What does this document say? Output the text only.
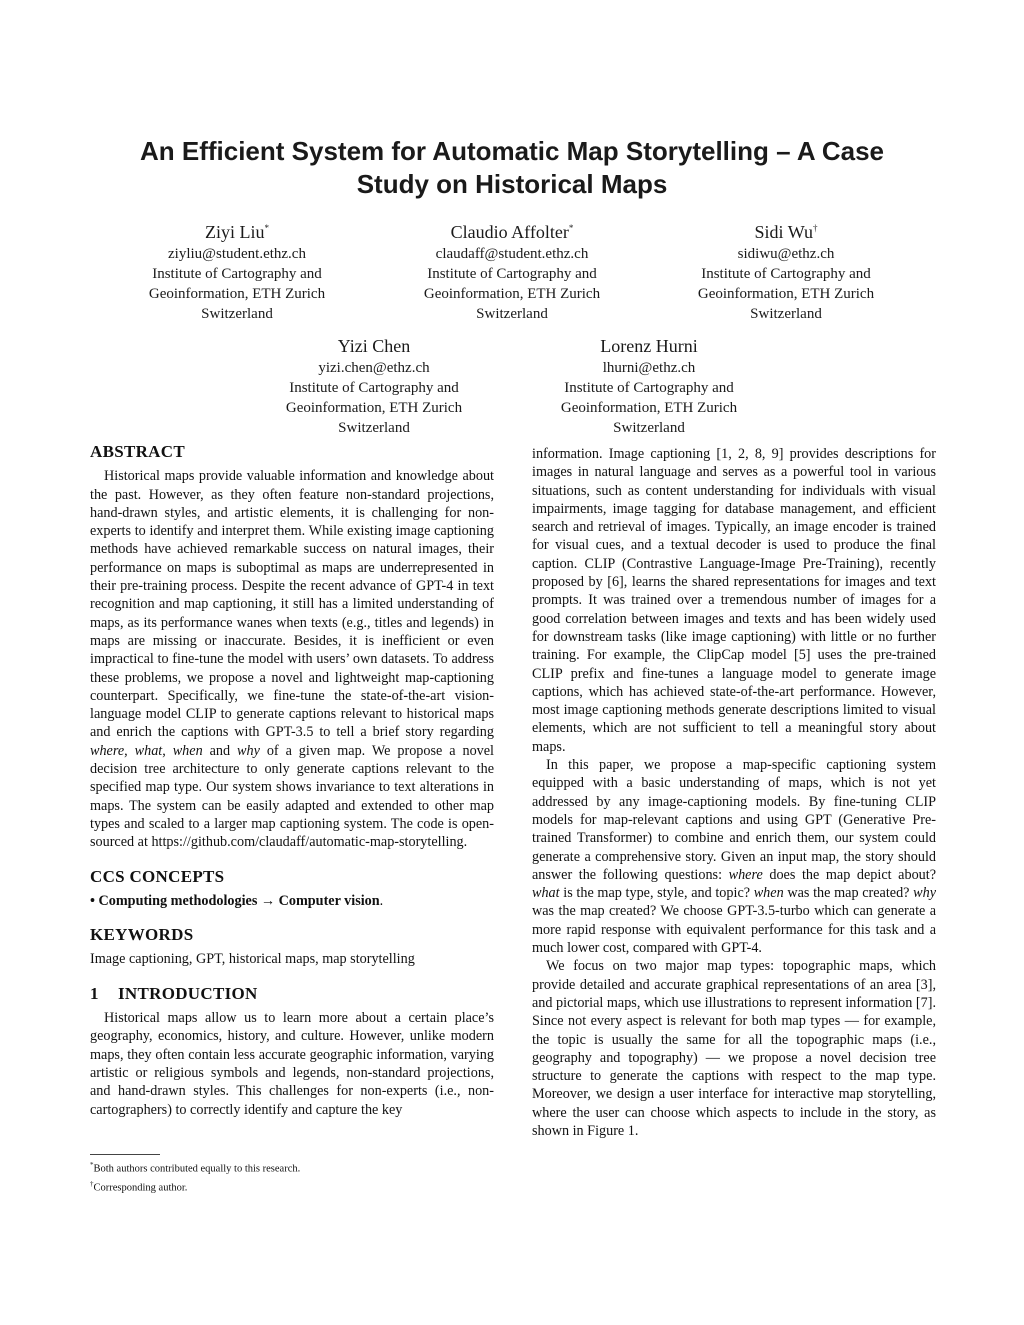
An Efficient System for Automatic Map Storytelling – A Case
Study on Historical Maps
Ziyi Liu*
ziyliu@student.ethz.ch
Institute of Cartography and
Geoinformation, ETH Zurich
Switzerland
Claudio Affolter*
claudaff@student.ethz.ch
Institute of Cartography and
Geoinformation, ETH Zurich
Switzerland
Sidi Wu†
sidiwu@ethz.ch
Institute of Cartography and
Geoinformation, ETH Zurich
Switzerland
Yizi Chen
yizi.chen@ethz.ch
Institute of Cartography and
Geoinformation, ETH Zurich
Switzerland
Lorenz Hurni
lhurni@ethz.ch
Institute of Cartography and
Geoinformation, ETH Zurich
Switzerland
ABSTRACT

Historical maps provide valuable information and knowledge about the past. However, as they often feature non-standard projections, hand-drawn styles, and artistic elements, it is challenging for non-experts to identify and interpret them. While existing image captioning methods have achieved remarkable success on natural images, their performance on maps is suboptimal as maps are underrepresented in their pre-training process. Despite the recent advance of GPT-4 in text recognition and map captioning, it still has a limited understanding of maps, as its performance wanes when texts (e.g., titles and legends) in maps are missing or inaccurate. Besides, it is inefficient or even impractical to fine-tune the model with users’ own datasets. To address these problems, we propose a novel and lightweight map-captioning counterpart. Specifically, we fine-tune the state-of-the-art vision-language model CLIP to generate captions relevant to historical maps and enrich the captions with GPT-3.5 to tell a brief story regarding where, what, when and why of a given map. We propose a novel decision tree architecture to only generate captions relevant to the specified map type. Our system shows invariance to text alterations in maps. The system can be easily adapted and extended to other map types and scaled to a larger map captioning system. The code is open-sourced at https://github.com/claudaff/automatic-map-storytelling.

CCS CONCEPTS

• Computing methodologies → Computer vision.

KEYWORDS

Image captioning, GPT, historical maps, map storytelling

1 INTRODUCTION

Historical maps allow us to learn more about a certain place’s geography, economics, history, and culture. However, unlike modern maps, they often contain less accurate geographic information, varying artistic or religious symbols and legends, non-standard projections, and hand-drawn styles. This challenges for non-experts (i.e., non-cartographers) to correctly identify and capture the key

information. Image captioning [1, 2, 8, 9] provides descriptions for images in natural language and serves as a powerful tool in various situations, such as content understanding for individuals with visual impairments, image tagging for database management, and efficient search and retrieval of images. Typically, an image encoder is trained for visual cues, and a textual decoder is used to produce the final caption. CLIP (Contrastive Language-Image Pre-Training), recently proposed by [6], learns the shared representations for images and text prompts. It was trained over a tremendous number of images for a good correlation between images and texts and has been widely used for downstream tasks (like image captioning) with little or no further training. For example, the ClipCap model [5] uses the pre-trained CLIP prefix and fine-tunes a language model to generate image captions, which has achieved state-of-the-art performance. However, most image captioning methods generate descriptions limited to visual elements, which are not sufficient to tell a meaningful story about maps.

In this paper, we propose a map-specific captioning system equipped with a basic understanding of maps, which is not yet addressed by any image-captioning models. By fine-tuning CLIP models for map-relevant captions and using GPT (Generative Pre-trained Transformer) to combine and enrich them, our system could generate a comprehensive story. Given an input map, the story should answer the following questions: where does the map depict about? what is the map type, style, and topic? when was the map created? why was the map created? We choose GPT-3.5-turbo which can generate a more rapid response with equivalent performance for this task and a much lower cost, compared with GPT-4.

We focus on two major map types: topographic maps, which provide detailed and accurate graphical representations of an area [3], and pictorial maps, which use illustrations to represent information [7]. Since not every aspect is relevant for both map types — for example, the topic is usually the same for all the topographic maps (i.e., geography and topography) — we propose a novel decision tree structure to generate the captions with respect to the map type. Moreover, we design a user interface for interactive map storytelling, where the user can choose which aspects to include in the story, as shown in Figure 1.

*Both authors contributed equally to this research.
†Corresponding author.
